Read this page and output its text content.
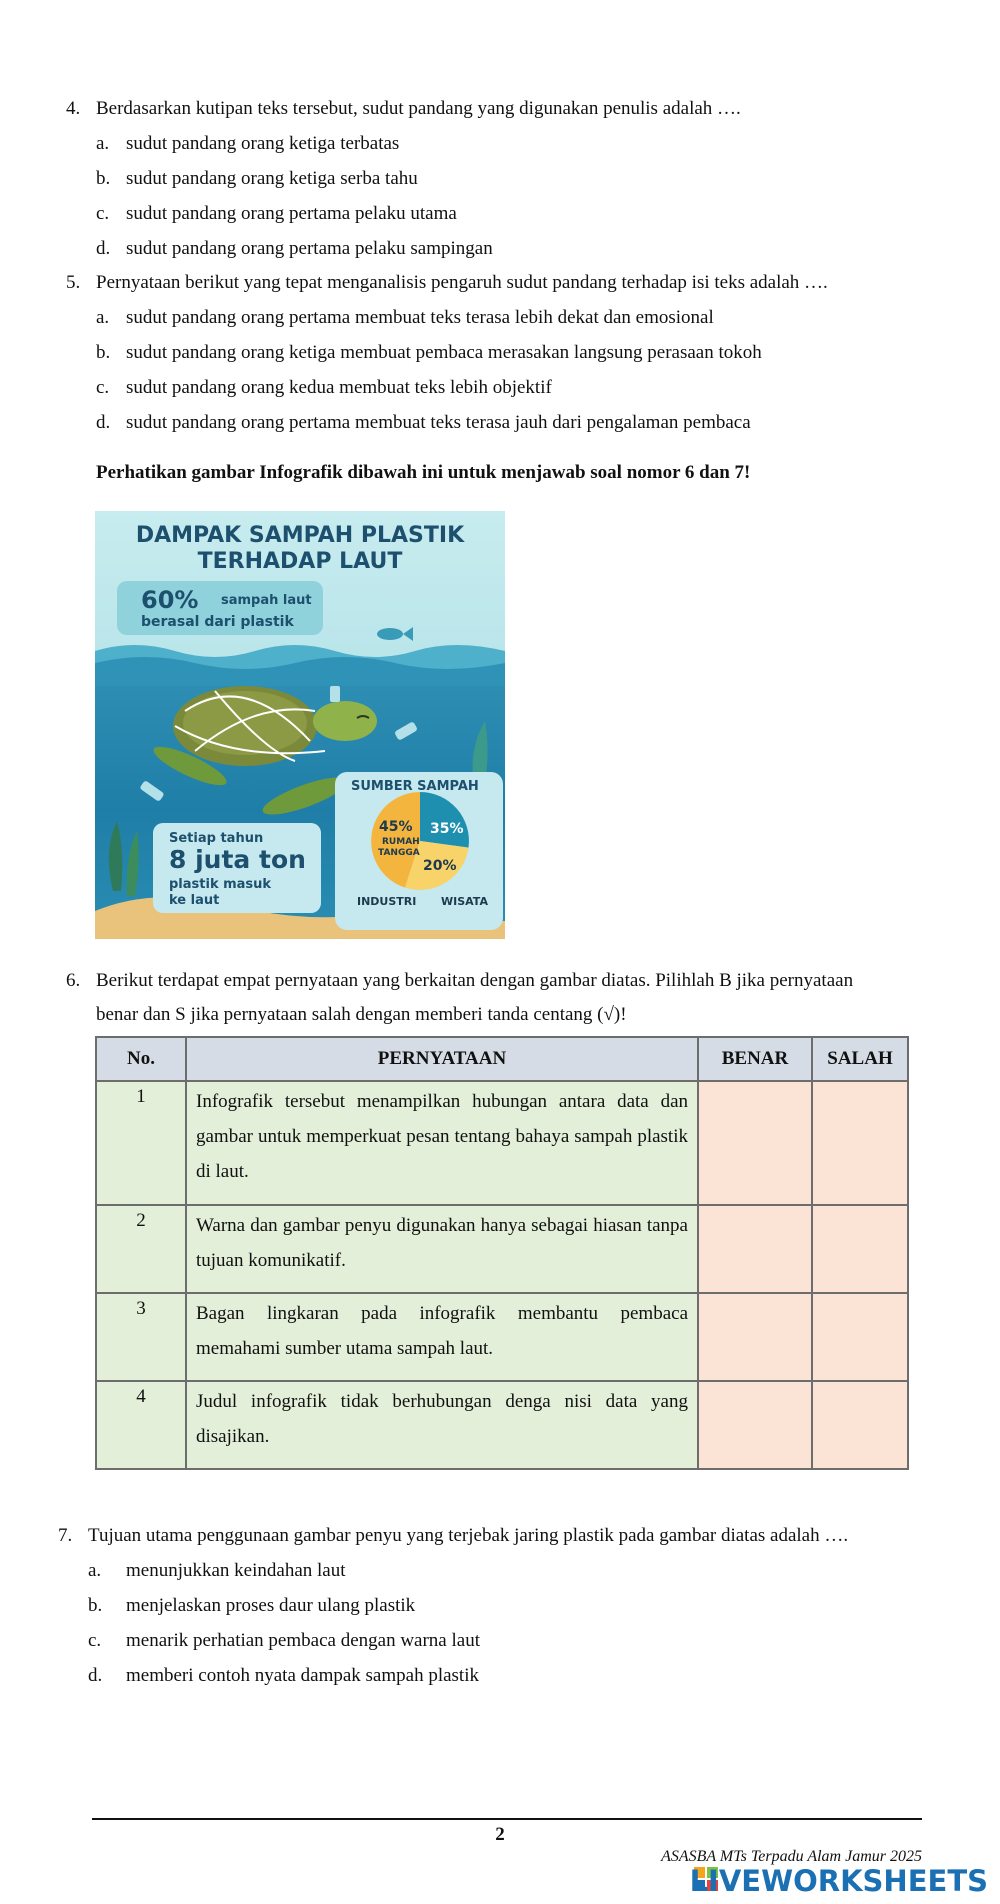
4. Berdasarkan kutipan teks tersebut, sudut pandang yang digunakan penulis adalah ….
a. sudut pandang orang ketiga terbatas
b. sudut pandang orang ketiga serba tahu
c. sudut pandang orang pertama pelaku utama
d. sudut pandang orang pertama pelaku sampingan
5. Pernyataan berikut yang tepat menganalisis pengaruh sudut pandang terhadap isi teks adalah ….
a. sudut pandang orang pertama membuat teks terasa lebih dekat dan emosional
b. sudut pandang orang ketiga membuat pembaca merasakan langsung perasaan tokoh
c. sudut pandang orang kedua membuat teks lebih objektif
d. sudut pandang orang pertama membuat teks terasa jauh dari pengalaman pembaca
Perhatikan gambar Infografik dibawah ini untuk menjawab soal nomor 6 dan 7!
DAMPAK SAMPAH PLASTIK
TERHADAP LAUT
60% sampah laut
berasal dari plastik
Setiap tahun
8 juta ton
plastik masuk
ke laut
SUMBER SAMPAH
45%
RUMAH
TANGGA
35%
20%
INDUSTRI WISATA
6. Berikut terdapat empat pernyataan yang berkaitan dengan gambar diatas. Pilihlah B jika pernyataan
benar dan S jika pernyataan salah dengan memberi tanda centang (√)!
No.	PERNYATAAN	BENAR	SALAH
1	Infografik tersebut menampilkan hubungan antara data dan gambar untuk memperkuat pesan tentang bahaya sampah plastik di laut.		
2	Warna dan gambar penyu digunakan hanya sebagai hiasan tanpa tujuan komunikatif.		
3	Bagan lingkaran pada infografik membantu pembaca memahami sumber utama sampah laut.		
4	Judul infografik tidak berhubungan denga nisi data yang disajikan.		
7. Tujuan utama penggunaan gambar penyu yang terjebak jaring plastik pada gambar diatas adalah ….
a. menunjukkan keindahan laut
b. menjelaskan proses daur ulang plastik
c. menarik perhatian pembaca dengan warna laut
d. memberi contoh nyata dampak sampah plastik
2
ASASBA MTs Terpadu Alam Jamur 2025
LIVEWORKSHEETS
